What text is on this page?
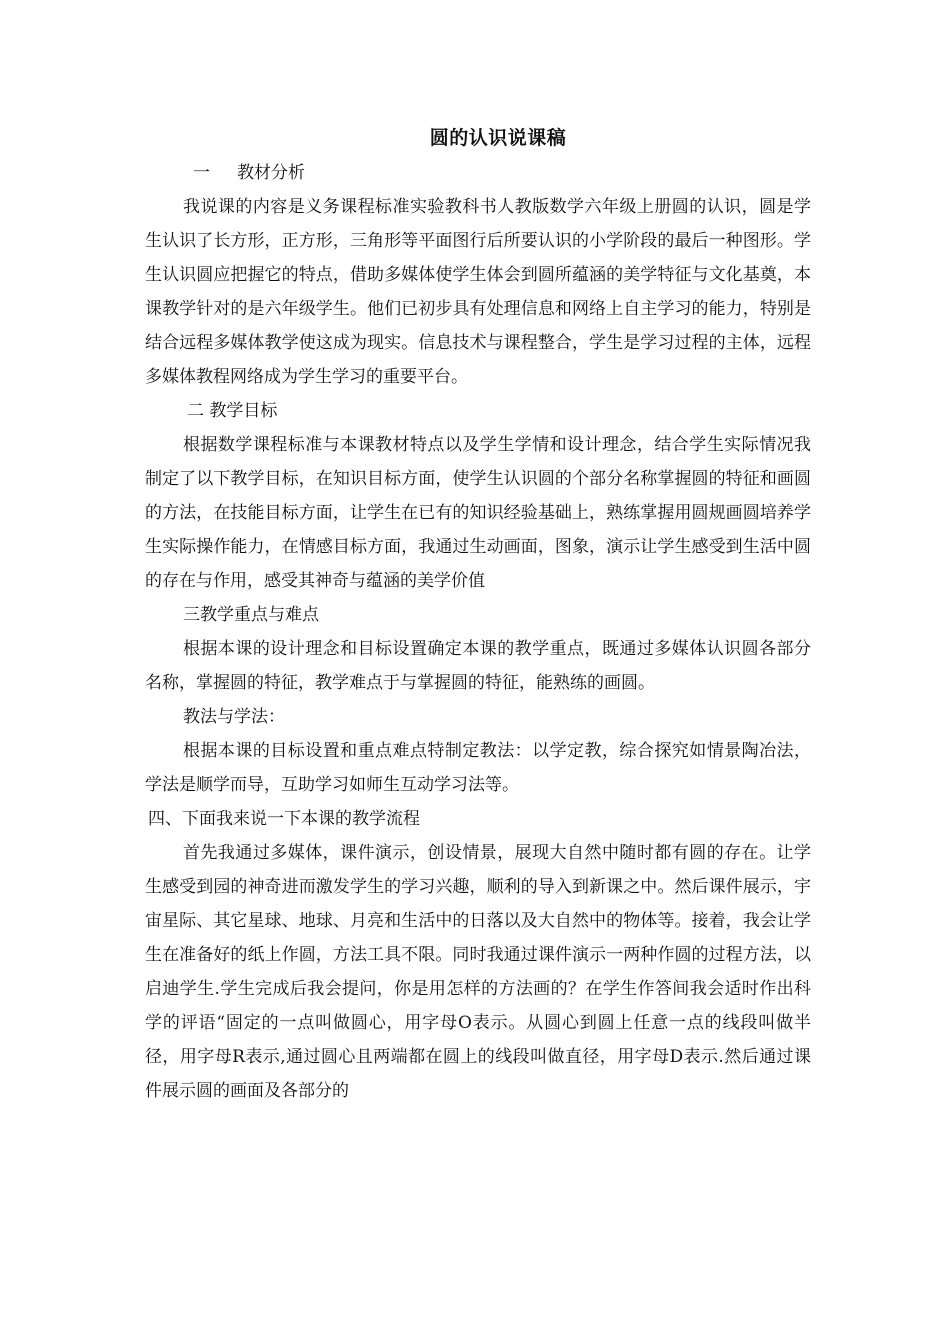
圆的认识说课稿

一     教材分析

我说课的内容是义务课程标准实验教科书人教版数学六年级上册圆的认识，圆是学生认识了长方形，正方形，三角形等平面图行后所要认识的小学阶段的最后一种图形。学生认识圆应把握它的特点，借助多媒体使学生体会到圆所蕴涵的美学特征与文化基奠，本课教学针对的是六年级学生。他们已初步具有处理信息和网络上自主学习的能力，特别是结合远程多媒体教学使这成为现实。信息技术与课程整合，学生是学习过程的主体，远程多媒体教程网络成为学生学习的重要平台。

二 教学目标

根据数学课程标准与本课教材特点以及学生学情和设计理念，结合学生实际情况我制定了以下教学目标，在知识目标方面，使学生认识圆的个部分名称掌握圆的特征和画圆的方法，在技能目标方面，让学生在已有的知识经验基础上，熟练掌握用圆规画圆培养学生实际操作能力，在情感目标方面，我通过生动画面，图象，演示让学生感受到生活中圆的存在与作用，感受其神奇与蕴涵的美学价值

三教学重点与难点

根据本课的设计理念和目标设置确定本课的教学重点，既通过多媒体认识圆各部分名称，掌握圆的特征，教学难点于与掌握圆的特征，能熟练的画圆。

教法与学法：

根据本课的目标设置和重点难点特制定教法：以学定教，综合探究如情景陶冶法，学法是顺学而导，互助学习如师生互动学习法等。

四、下面我来说一下本课的教学流程

首先我通过多媒体，课件演示，创设情景，展现大自然中随时都有圆的存在。让学生感受到园的神奇进而激发学生的学习兴趣，顺利的导入到新课之中。然后课件展示，宇宙星际、其它星球、地球、月亮和生活中的日落以及大自然中的物体等。接着，我会让学生在准备好的纸上作圆，方法工具不限。同时我通过课件演示一两种作圆的过程方法，以启迪学生.学生完成后我会提问，你是用怎样的方法画的？在学生作答间我会适时作出科学的评语“固定的一点叫做圆心，用字母O表示。从圆心到圆上任意一点的线段叫做半径，用字母R表示,通过圆心且两端都在圆上的线段叫做直径，用字母D表示.然后通过课件展示圆的画面及各部分的
